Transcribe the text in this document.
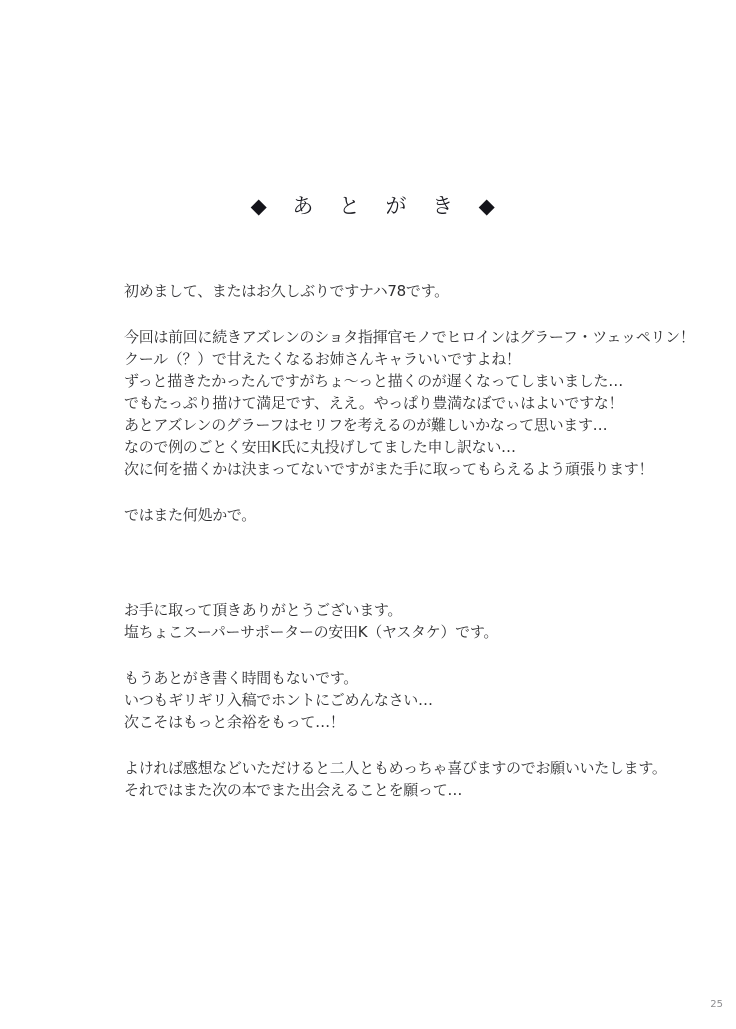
◆ あ と が き ◆

初めまして、またはお久しぶりですナハ78です。

今回は前回に続きアズレンのショタ指揮官モノでヒロインはグラーフ・ツェッペリン！

クール（？）で甘えたくなるお姉さんキャラいいですよね！

ずっと描きたかったんですがちょ～っと描くのが遅くなってしまいました…

でもたっぷり描けて満足です、ええ。やっぱり豊満なぼでぃはよいですな！

あとアズレンのグラーフはセリフを考えるのが難しいかなって思います…

なので例のごとく安田K氏に丸投げしてました申し訳ない…

次に何を描くかは決まってないですがまた手に取ってもらえるよう頑張ります！

ではまた何処かで。

お手に取って頂きありがとうございます。

塩ちょこスーパーサポーターの安田K（ヤスタケ）です。

もうあとがき書く時間もないです。

いつもギリギリ入稿でホントにごめんなさい…

次こそはもっと余裕をもって…！

よければ感想などいただけると二人ともめっちゃ喜びますのでお願いいたします。

それではまた次の本でまた出会えることを願って…

25
